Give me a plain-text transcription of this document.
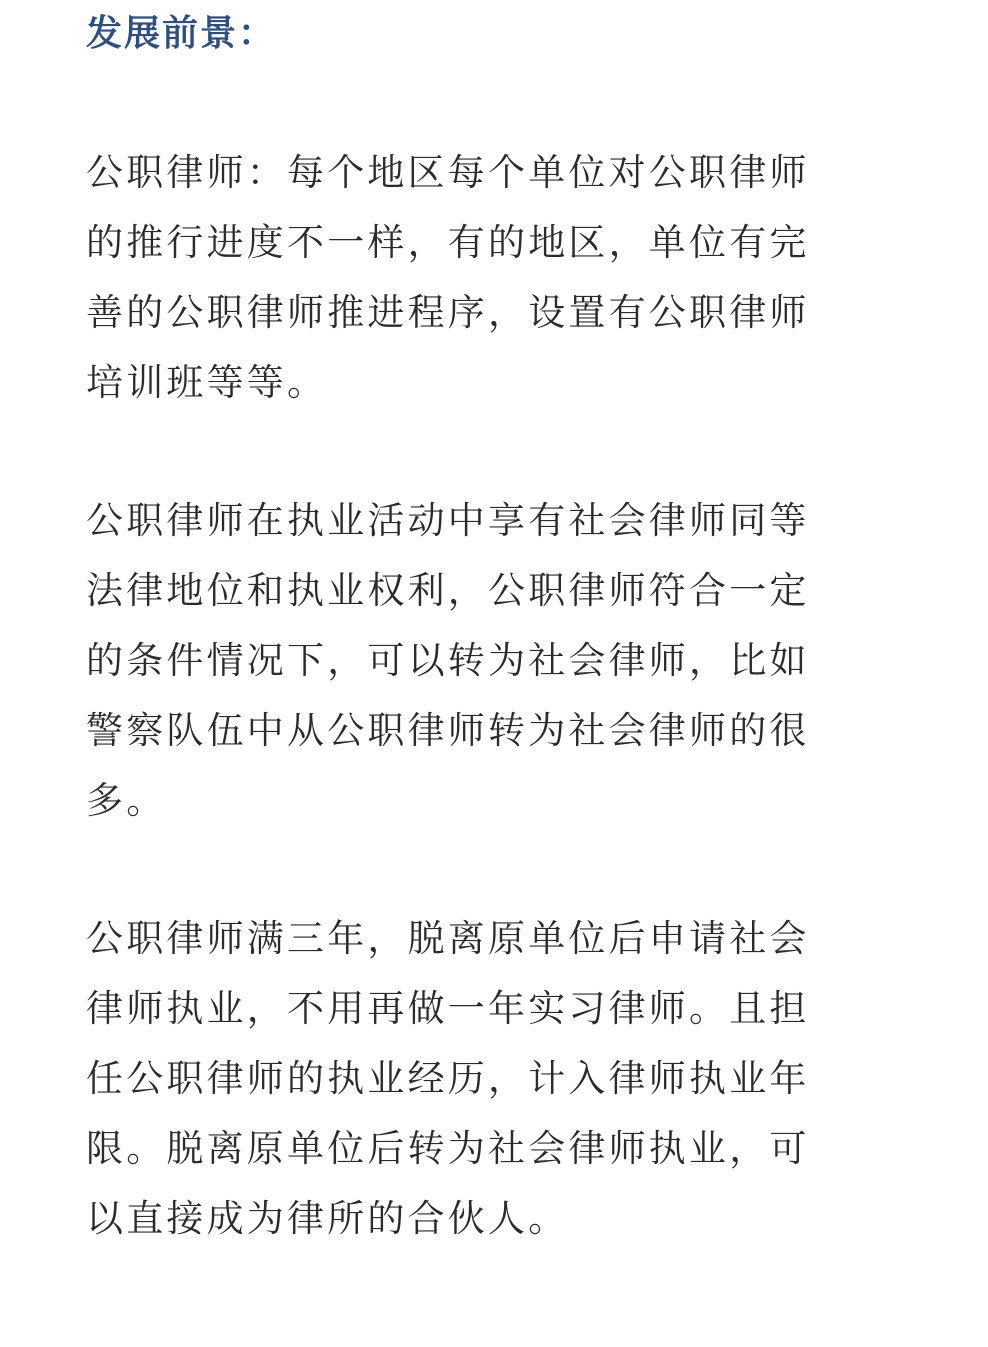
发展前景：

公职律师：每个地区每个单位对公职律师
的推行进度不一样，有的地区，单位有完
善的公职律师推进程序，设置有公职律师
培训班等等。

公职律师在执业活动中享有社会律师同等
法律地位和执业权利，公职律师符合一定
的条件情况下，可以转为社会律师，比如
警察队伍中从公职律师转为社会律师的很
多。

公职律师满三年，脱离原单位后申请社会
律师执业，不用再做一年实习律师。且担
任公职律师的执业经历，计入律师执业年
限。脱离原单位后转为社会律师执业，可
以直接成为律所的合伙人。
